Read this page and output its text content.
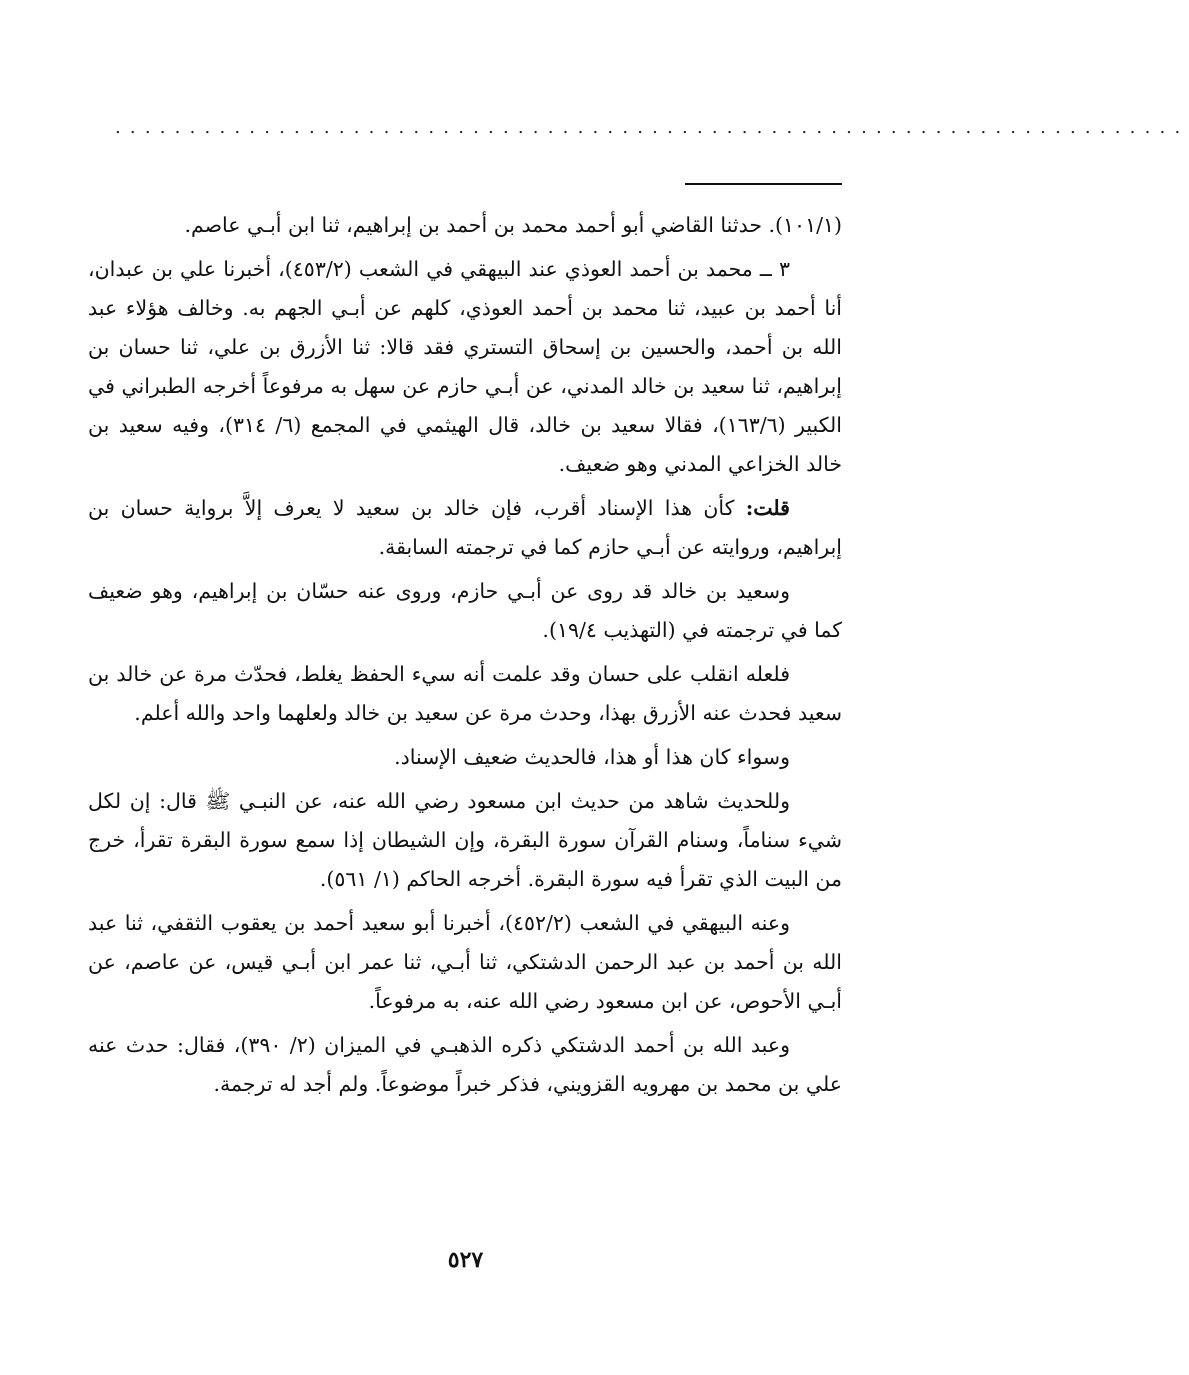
........................................................................

(١٠١/١). حدثنا القاضي أبو أحمد محمد بن أحمد بن إبراهيم، ثنا ابن أبـي عاصم.

٣ ــ محمد بن أحمد العوذي عند البيهقي في الشعب (٤٥٣/٢)، أخبرنا علي بن عبدان، أنا أحمد بن عبيد، ثنا محمد بن أحمد العوذي، كلهم عن أبـي الجهم به. وخالف هؤلاء عبد الله بن أحمد، والحسين بن إسحاق التستري فقد قالا: ثنا الأزرق بن علي، ثنا حسان بن إبراهيم، ثنا سعيد بن خالد المدني، عن أبـي حازم عن سهل به مرفوعاً أخرجه الطبراني في الكبير (١٦٣/٦)، فقالا سعيد بن خالد، قال الهيثمي في المجمع (٦/ ٣١٤)، وفيه سعيد بن خالد الخزاعي المدني وهو ضعيف.

قلت: كأن هذا الإسناد أقرب، فإن خالد بن سعيد لا يعرف إلاَّ برواية حسان بن إبراهيم، وروايته عن أبـي حازم كما في ترجمته السابقة.

وسعيد بن خالد قد روى عن أبـي حازم، وروى عنه حسّان بن إبراهيم، وهو ضعيف كما في ترجمته في (التهذيب ١٩/٤).

فلعله انقلب على حسان وقد علمت أنه سيء الحفظ يغلط، فحدّث مرة عن خالد بن سعيد فحدث عنه الأزرق بهذا، وحدث مرة عن سعيد بن خالد ولعلهما واحد والله أعلم.

وسواء كان هذا أو هذا، فالحديث ضعيف الإسناد.

وللحديث شاهد من حديث ابن مسعود رضي الله عنه، عن النبـي ﷺ قال: إن لكل شيء سناماً، وسنام القرآن سورة البقرة، وإن الشيطان إذا سمع سورة البقرة تقرأ، خرج من البيت الذي تقرأ فيه سورة البقرة. أخرجه الحاكم (١/ ٥٦١).

وعنه البيهقي في الشعب (٤٥٢/٢)، أخبرنا أبو سعيد أحمد بن يعقوب الثقفي، ثنا عبد الله بن أحمد بن عبد الرحمن الدشتكي، ثنا أبـي، ثنا عمر ابن أبـي قيس، عن عاصم، عن أبـي الأحوص، عن ابن مسعود رضي الله عنه، به مرفوعاً.

وعبد الله بن أحمد الدشتكي ذكره الذهبـي في الميزان (٢/ ٣٩٠)، فقال: حدث عنه علي بن محمد بن مهرويه القزويني، فذكر خبراً موضوعاً. ولم أجد له ترجمة.

٥٢٧
